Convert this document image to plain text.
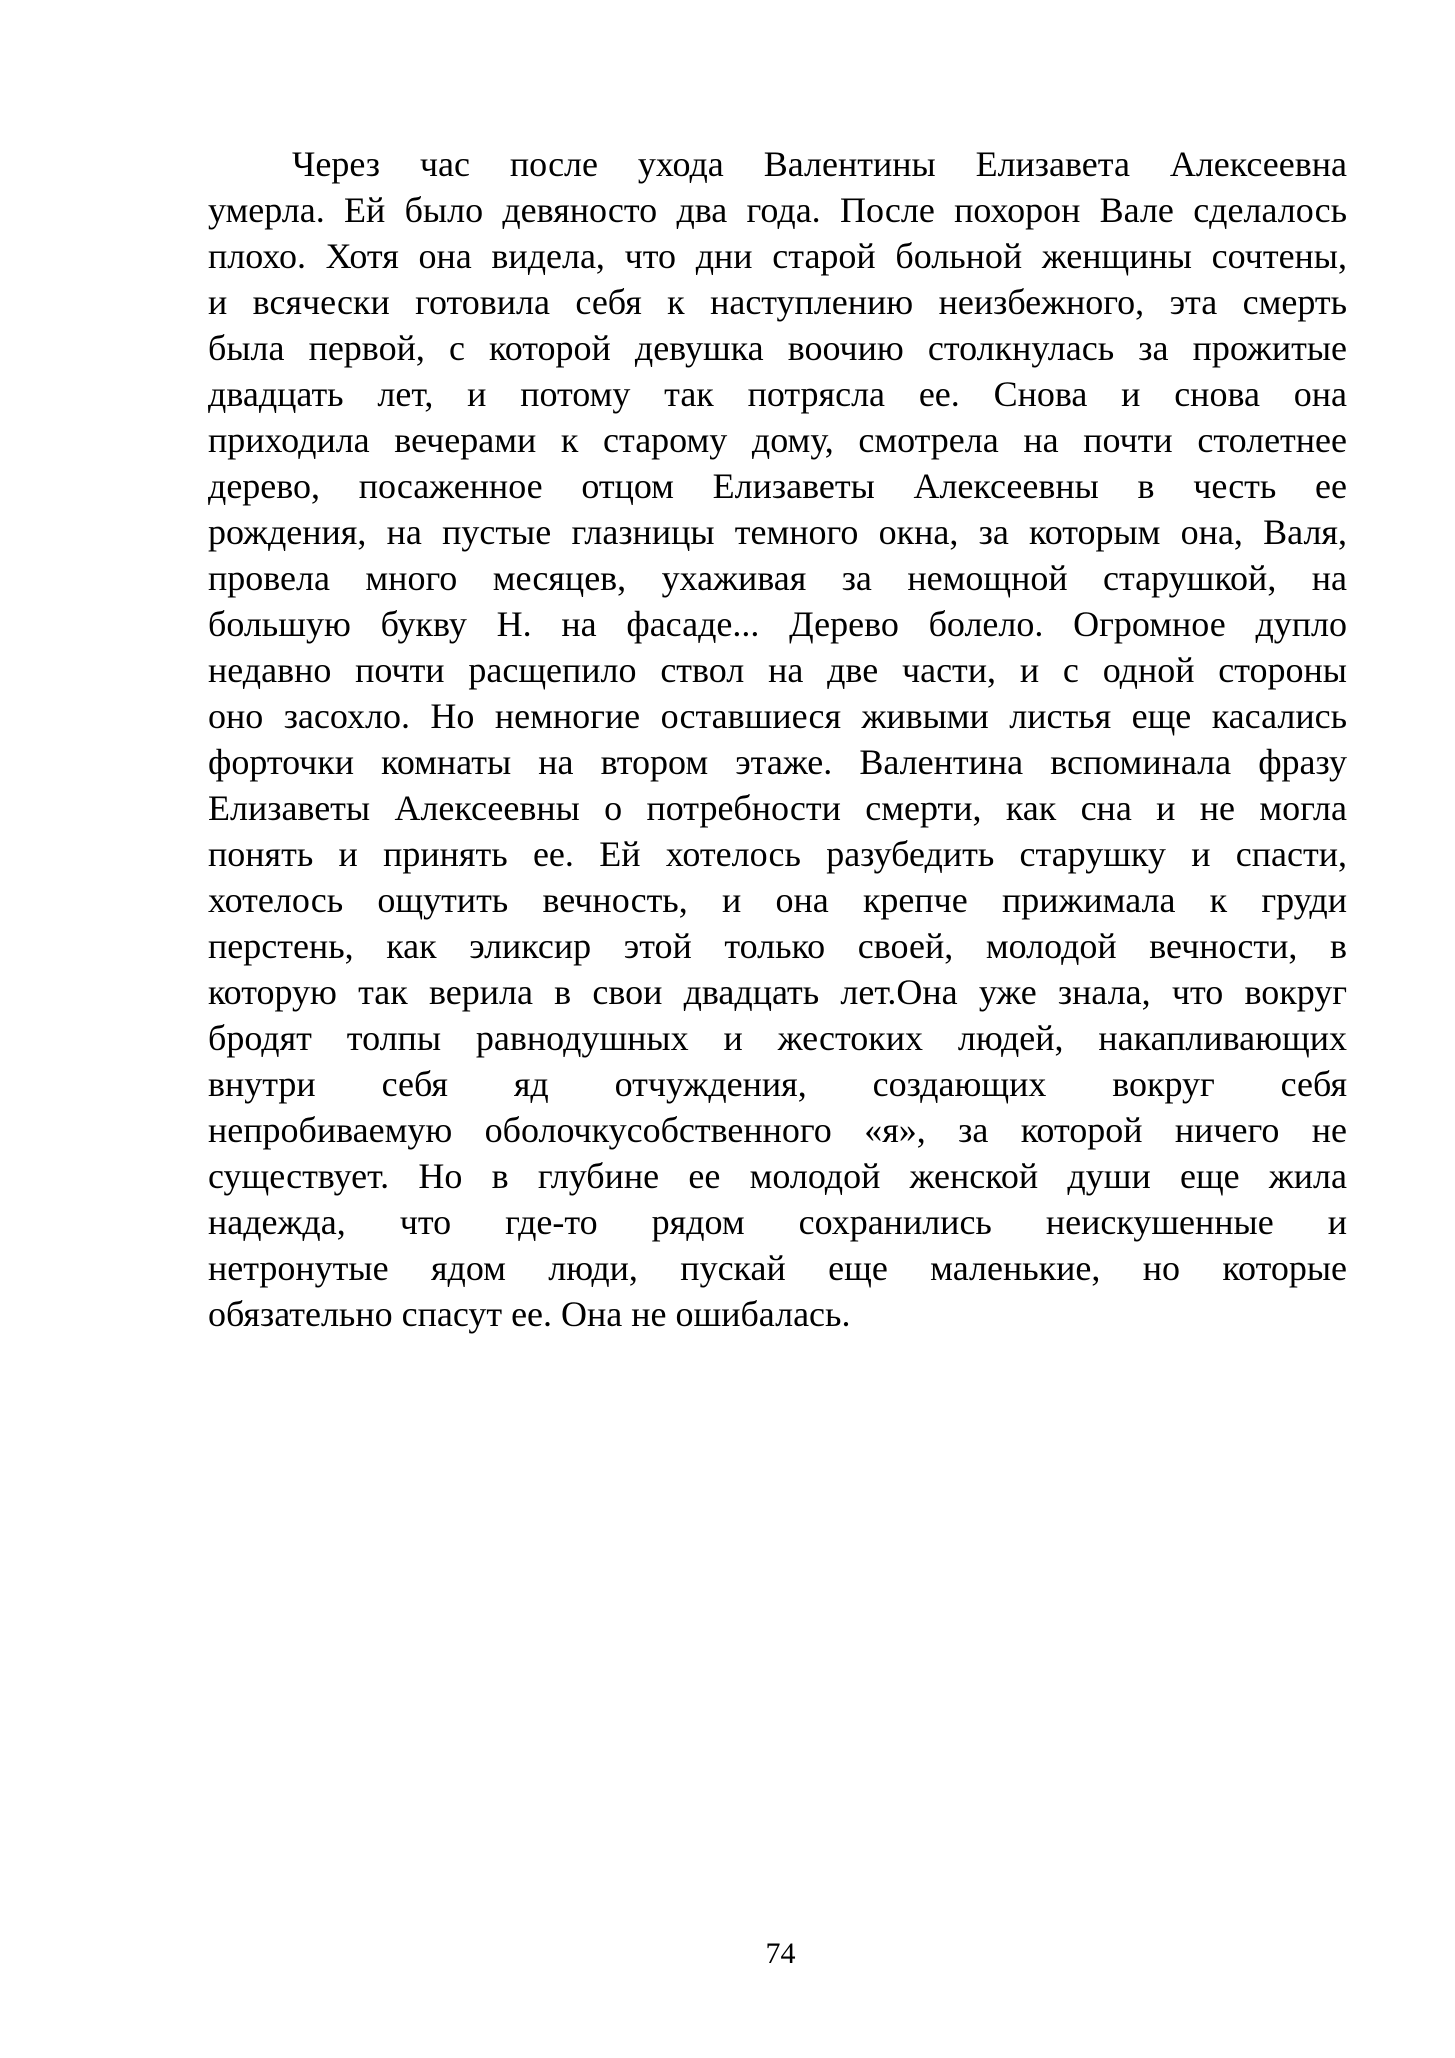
Через час после ухода Валентины Елизавета Алексеевна
умерла. Ей было девяносто два года. После похорон Вале сделалось
плохо. Хотя она видела, что дни старой больной женщины сочтены,
и всячески готовила себя к наступлению неизбежного, эта смерть
была первой, с которой девушка воочию столкнулась за прожитые
двадцать лет, и потому так потрясла ее. Снова и снова она
приходила вечерами к старому дому, смотрела на почти столетнее
дерево, посаженное отцом Елизаветы Алексеевны в честь ее
рождения, на пустые глазницы темного окна, за которым она, Валя,
провела много месяцев, ухаживая за немощной старушкой, на
большую букву Н. на фасаде... Дерево болело. Огромное дупло
недавно почти расщепило ствол на две части, и с одной стороны
оно засохло. Но немногие оставшиеся живыми листья еще касались
форточки комнаты на втором этаже. Валентина вспоминала фразу
Елизаветы Алексеевны о потребности смерти, как сна и не могла
понять и принять ее. Ей хотелось разубедить старушку и спасти,
хотелось ощутить вечность, и она крепче прижимала к груди
перстень, как эликсир этой только своей, молодой вечности, в
которую так верила в свои двадцать лет.Она уже знала, что вокруг
бродят толпы равнодушных и жестоких людей, накапливающих
внутри себя яд отчуждения, создающих вокруг себя
непробиваемую оболочкусобственного «я», за которой ничего не
существует. Но в глубине ее молодой женской души еще жила
надежда, что где-то рядом сохранились неискушенные и
нетронутые ядом люди, пускай еще маленькие, но которые
обязательно спасут ее. Она не ошибалась.
74
